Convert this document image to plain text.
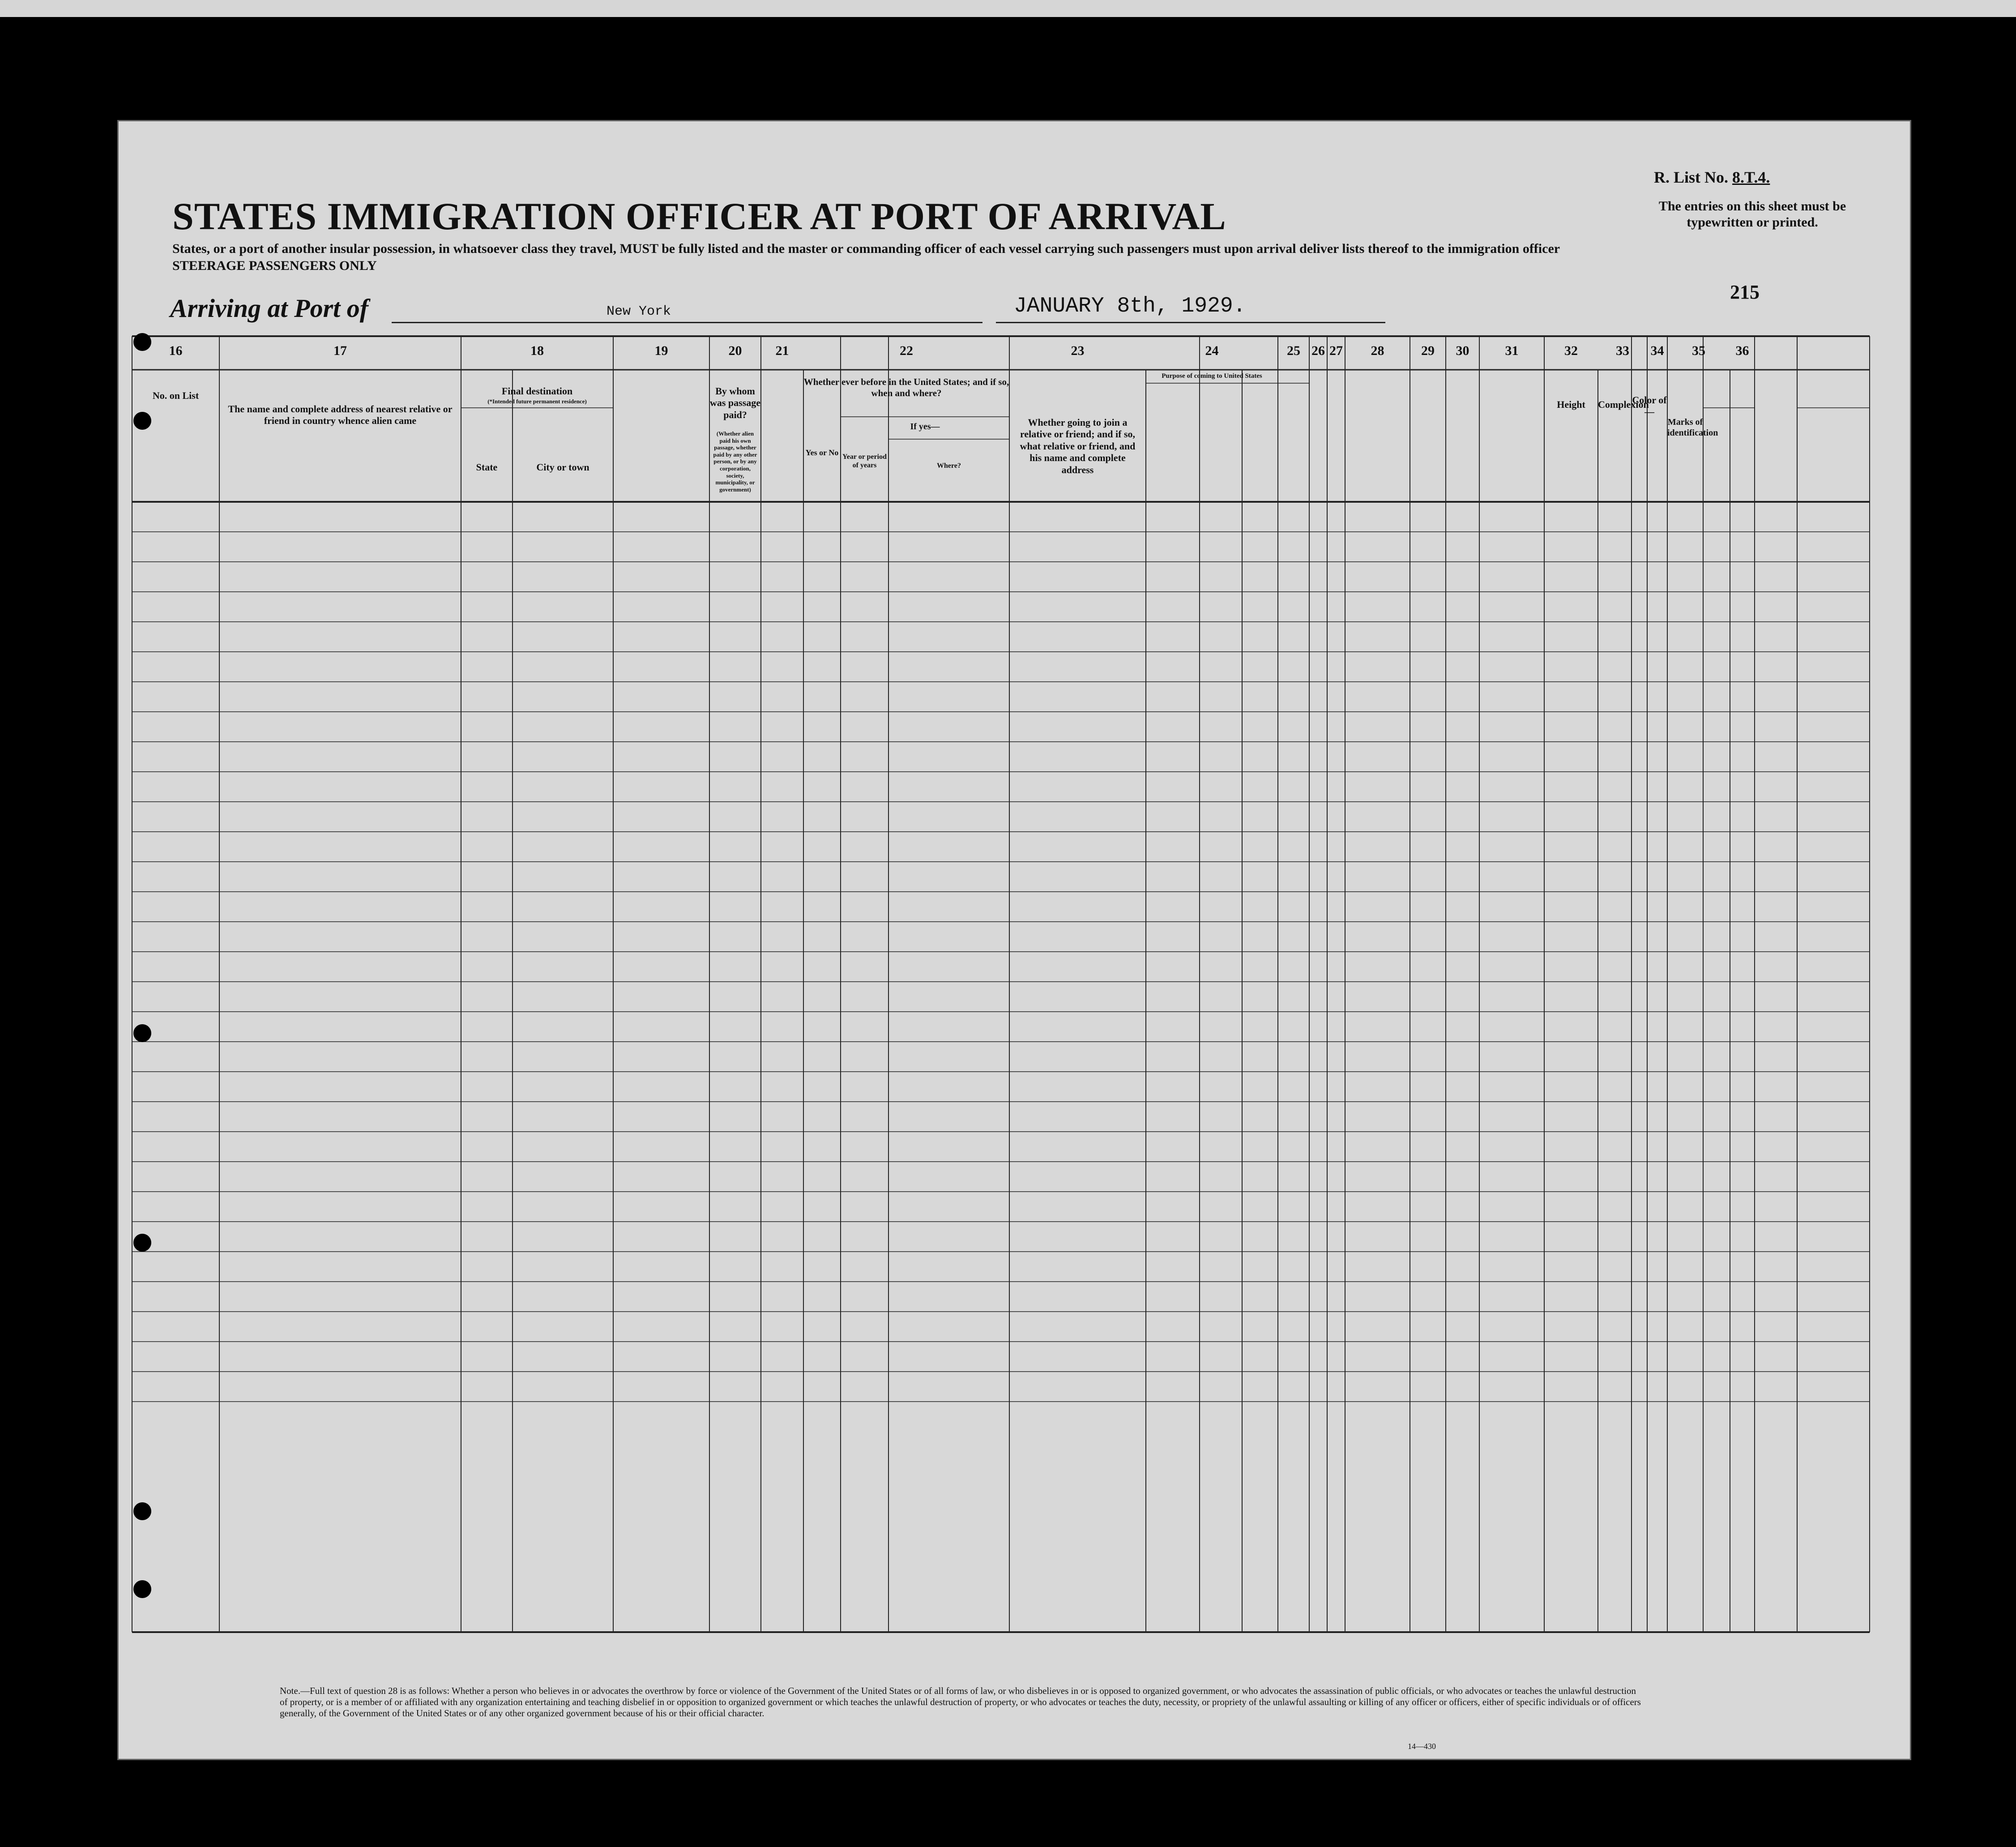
STATES IMMIGRATION OFFICER AT PORT OF ARRIVAL
States, or a port of another insular possession, in whatsoever class they travel, MUST be fully listed and the master or commanding officer of each vessel carrying such passengers must upon arrival deliver lists thereof to the immigration officer
STEERAGE PASSENGERS ONLY
R. List No. 8.T.4.
The entries on this sheet must be typewritten or printed.
215
Arriving at Port of	New York	JANUARY 8th, 1929.
16	17	18	19	20	21	22	23	24	25 26 27	28	29	30	31	32	33	34	35	36
No. on List
The name and complete address of nearest relative or friend in country whence alien came
Final destination
(*Intended future permanent residence)
State	City or town
By whom was passage paid?
(Whether alien paid his own passage, whether paid by any other person, or by any corporation, society, municipality, or government)
Whether ever before in the United States; and if so, when and where?
Yes or No
If yes—
Year or period of years	Where?
Whether going to join a relative or friend; and if so, what relative or friend, and his name and complete address
Purpose of coming to United States
Height	Complexion
Color of—
Marks of identification
Note.—Full text of question 28 is as follows: Whether a person who believes in or advocates the overthrow by force or violence of the Government of the United States or of all forms of law, or who disbelieves in or is opposed to organized government, or who advocates the assassination of public officials, or who advocates or teaches the unlawful destruction of property, or is a member of or affiliated with any organization entertaining and teaching disbelief in or opposition to organized government or which teaches the unlawful destruction of property, or who advocates or teaches the duty, necessity, or propriety of the unlawful assaulting or killing of any officer or officers, either of specific individuals or of officers generally, of the Government of the United States or of any other organized government because of his or their official character.
14—430
